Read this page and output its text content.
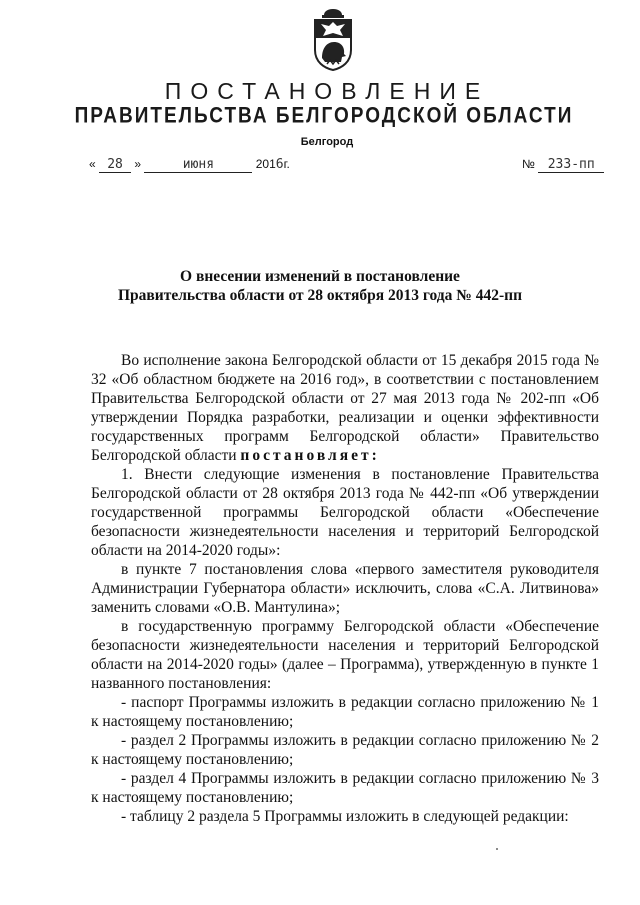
ПОСТАНОВЛЕНИЕ
ПРАВИТЕЛЬСТВА БЕЛГОРОДСКОЙ ОБЛАСТИ
Белгород
« 28 »	июня	2016г.	№ 233-пп
О внесении изменений в постановление
Правительства области от 28 октября 2013 года № 442-пп

Во исполнение закона Белгородской области от 15 декабря 2015 года № 32 «Об областном бюджете на 2016 год», в соответствии с постановлением Правительства Белгородской области от 27 мая 2013 года № 202-пп «Об утверждении Порядка разработки, реализации и оценки эффективности государственных программ Белгородской области» Правительство Белгородской области постановляет:

1. Внести следующие изменения в постановление Правительства Белгородской области от 28 октября 2013 года № 442-пп «Об утверждении государственной программы Белгородской области «Обеспечение безопасности жизнедеятельности населения и территорий Белгородской области на 2014-2020 годы»:

в пункте 7 постановления слова «первого заместителя руководителя Администрации Губернатора области» исключить, слова «С.А. Литвинова» заменить словами «О.В. Мантулина»;

в государственную программу Белгородской области «Обеспечение безопасности жизнедеятельности населения и территорий Белгородской области на 2014-2020 годы» (далее – Программа), утвержденную в пункте 1 названного постановления:

- паспорт Программы изложить в редакции согласно приложению № 1 к настоящему постановлению;

- раздел 2 Программы изложить в редакции согласно приложению № 2 к настоящему постановлению;

- раздел 4 Программы изложить в редакции согласно приложению № 3 к настоящему постановлению;

- таблицу 2 раздела 5 Программы изложить в следующей редакции:
